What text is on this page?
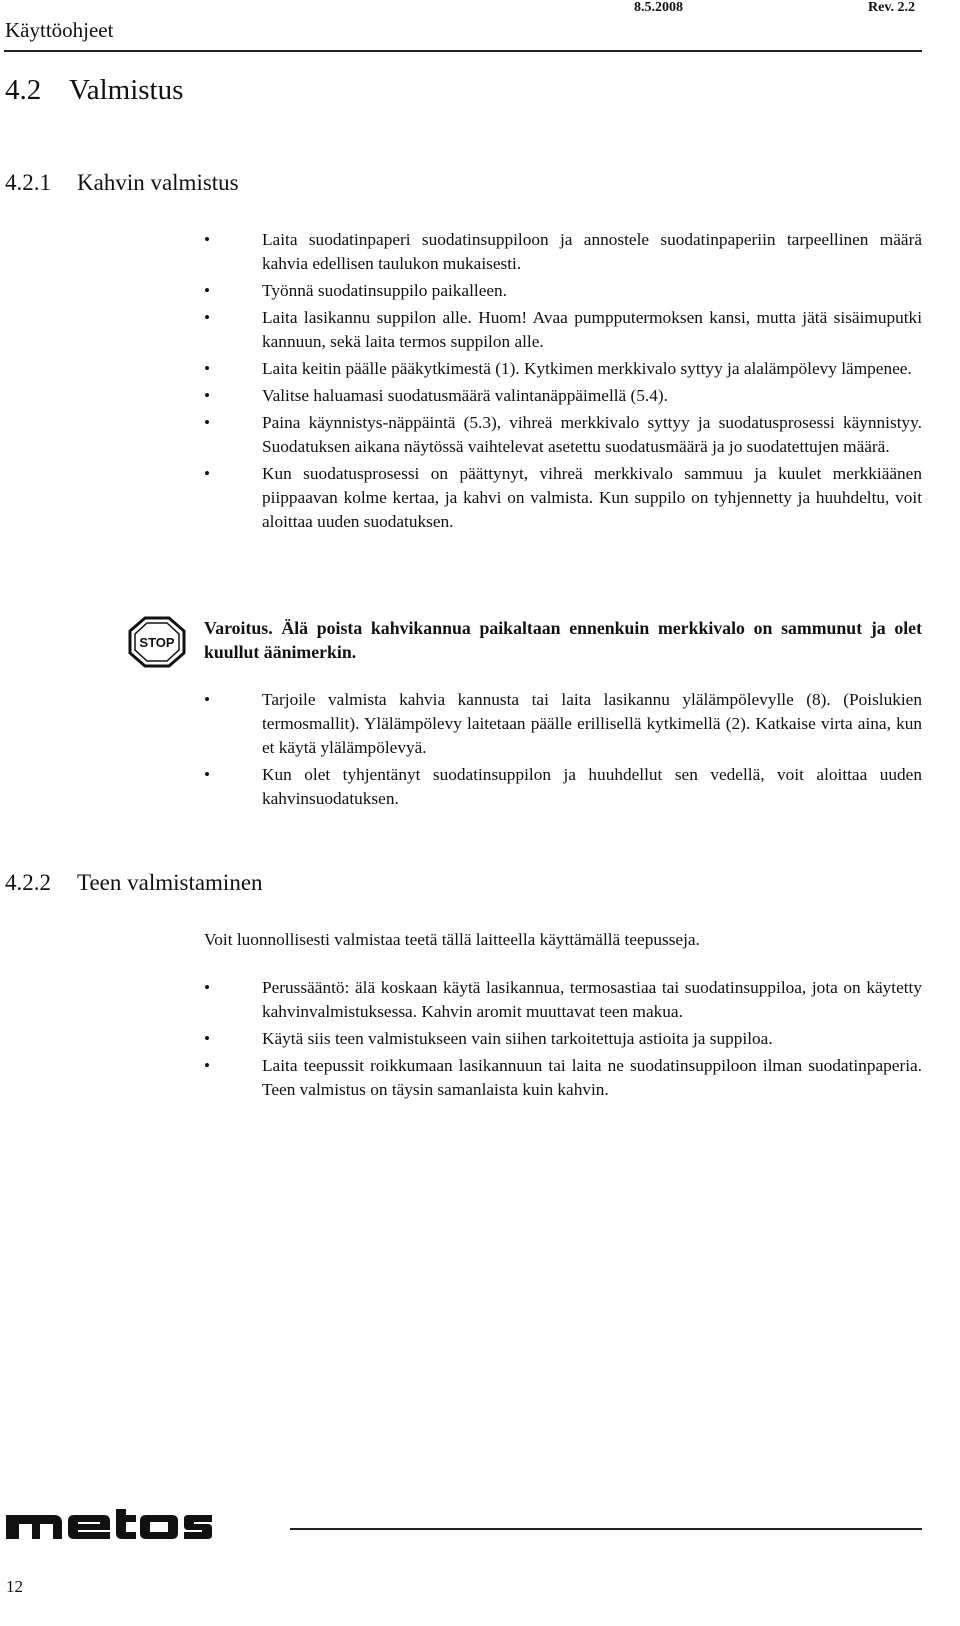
Käyttöohjeet
8.5.2008	Rev. 2.2
4.2 Valmistus
4.2.1 Kahvin valmistus
•	Laita suodatinpaperi suodatinsuppiloon ja annostele suodatinpaperiin tarpeellinen määrä kahvia edellisen taulukon mukaisesti.
•	Työnnä suodatinsuppilo paikalleen.
•	Laita lasikannu suppilon alle. Huom! Avaa pumpputermoksen kansi, mutta jätä sisäimuputki kannuun, sekä laita termos suppilon alle.
•	Laita keitin päälle pääkytkimestä (1). Kytkimen merkkivalo syttyy ja alalämpölevy lämpenee.
•	Valitse haluamasi suodatusmäärä valintanäppäimellä (5.4).
•	Paina käynnistys-näppäintä (5.3), vihreä merkkivalo syttyy ja suodatusprosessi käynnistyy. Suodatuksen aikana näytössä vaihtelevat asetettu suodatusmäärä ja jo suodatettujen määrä.
•	Kun suodatusprosessi on päättynyt, vihreä merkkivalo sammuu ja kuulet merkkiäänen piippaavan kolme kertaa, ja kahvi on valmista. Kun suppilo on tyhjennetty ja huuhdeltu, voit aloittaa uuden suodatuksen.
STOP

Varoitus. Älä poista kahvikannua paikaltaan ennenkuin merkkivalo on sammunut ja olet kuullut äänimerkin.

•	Tarjoile valmista kahvia kannusta tai laita lasikannu ylälämpölevylle (8). (Poislukien termosmallit). Ylälämpölevy laitetaan päälle erillisellä kytkimellä (2). Katkaise virta aina, kun et käytä ylälämpölevyä.
•	Kun olet tyhjentänyt suodatinsuppilon ja huuhdellut sen vedellä, voit aloittaa uuden kahvinsuodatuksen.
4.2.2 Teen valmistaminen

Voit luonnollisesti valmistaa teetä tällä laitteella käyttämällä teepusseja.

•	Perussääntö: älä koskaan käytä lasikannua, termosastiaa tai suodatinsuppiloa, jota on käytetty kahvinvalmistuksessa. Kahvin aromit muuttavat teen makua.
•	Käytä siis teen valmistukseen vain siihen tarkoitettuja astioita ja suppiloa.
•	Laita teepussit roikkumaan lasikannuun tai laita ne suodatinsuppiloon ilman suodatinpaperia. Teen valmistus on täysin samanlaista kuin kahvin.
12
